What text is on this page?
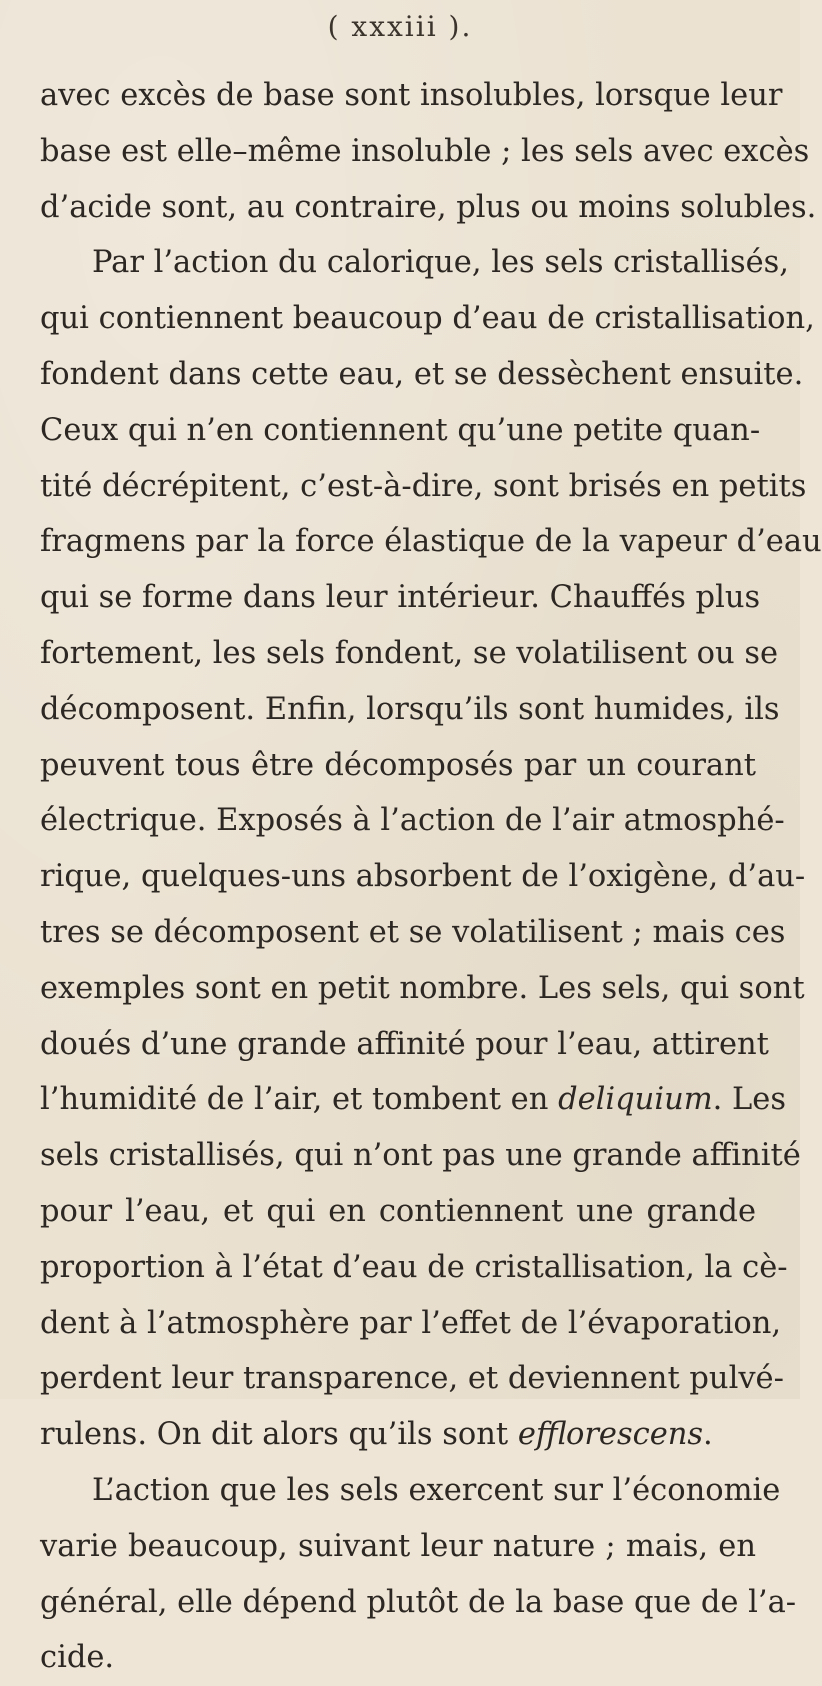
( xxxiii ).
avec excès de base sont insolubles, lorsque leur
base est elle–même insoluble ; les sels avec excès
d’acide sont, au contraire, plus ou moins solubles.
Par l’action du calorique, les sels cristallisés,
qui contiennent beaucoup d’eau de cristallisation,
fondent dans cette eau, et se dessèchent ensuite.
Ceux qui n’en contiennent qu’une petite quan-
tité décrépitent, c’est-à-dire, sont brisés en petits
fragmens par la force élastique de la vapeur d’eau
qui se forme dans leur intérieur. Chauffés plus
fortement, les sels fondent, se volatilisent ou se
décomposent. Enfin, lorsqu’ils sont humides, ils
peuvent tous être décomposés par un courant
électrique. Exposés à l’action de l’air atmosphé-
rique, quelques-uns absorbent de l’oxigène, d’au-
tres se décomposent et se volatilisent ; mais ces
exemples sont en petit nombre. Les sels, qui sont
doués d’une grande affinité pour l’eau, attirent
l’humidité de l’air, et tombent en deliquium. Les
sels cristallisés, qui n’ont pas une grande affinité
pour l’eau, et qui en contiennent une grande
proportion à l’état d’eau de cristallisation, la cè-
dent à l’atmosphère par l’effet de l’évaporation,
perdent leur transparence, et deviennent pulvé-
rulens. On dit alors qu’ils sont efflorescens.
L’action que les sels exercent sur l’économie
varie beaucoup, suivant leur nature ; mais, en
général, elle dépend plutôt de la base que de l’a-
cide.
